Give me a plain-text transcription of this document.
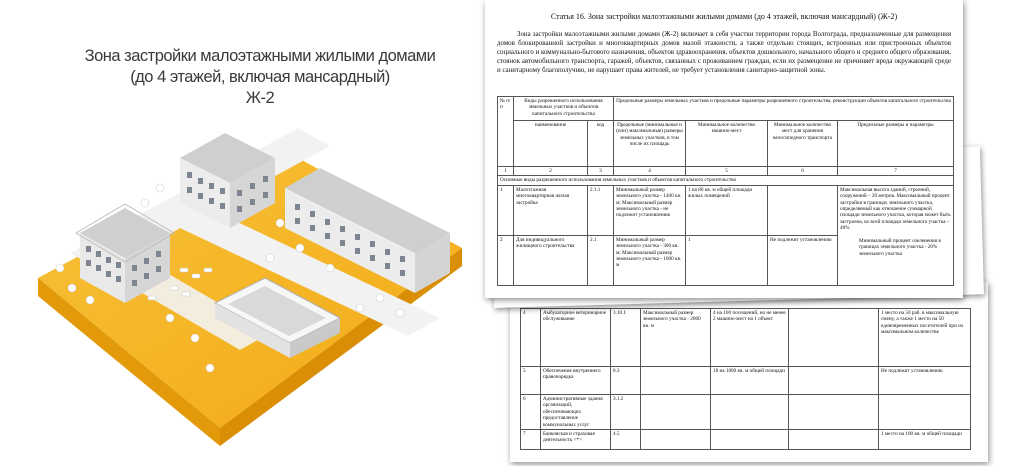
Зона застройки малоэтажными жилыми домами
(до 4 этажей, включая мансардный)
Ж-2
4	Амбулаторное ветеринарное обслуживание	3.10.1	Максимальный размер земельного участка - 2000 кв. м	4 на 100 посещений, но не менее 2 машино-мест на 1 объект		1 место на 50 раб. в максимальную смену, а также 1 место на 50 единовременных посетителей при их максимальном количестве
5	Обеспечение внутреннего правопорядка	8.3		18 на 1000 кв. м общей площади		Не подлежит установлению
6	Административные здания организаций, обеспечивающих предоставление коммунальных услуг	3.1.2				
7	Банковская и страховая деятельность <*>	4.5				1 место на 100 кв. м общей площади
Статья 16. Зона застройки малоэтажными жилыми домами (до 4 этажей, включая мансардный) (Ж-2)
Зона застройки малоэтажными жилыми домами (Ж-2) включает в себя участки территории города Волгограда, предназначенные для размещения домов блокированной застройки и многоквартирных домов малой этажности, а также отдельно стоящих, встроенных или пристроенных объектов социального и коммунально-бытового назначения, объектов здравоохранения, объектов дошкольного, начального общего и среднего общего образования, стоянок автомобильного транспорта, гаражей, объектов, связанных с проживанием граждан, если их размещение не причиняет вреда окружающей среде и санитарному благополучию, не нарушает права жителей, не требует установления санитарно-защитной зоны.
№ п/п	Виды разрешенного использования земельных участков и объектов капитального строительства		Предельные размеры земельных участков и предельные параметры разрешенного строительства, реконструкции объектов капитального строительства			
	наименование	код	Предельные (минимальные и (или) максимальные) размеры земельных участков, в том числе их площадь	Минимальное количество машино-мест	Минимальное количество мест для хранения велосипедного транспорта	Предельные размеры и параметры
1	2	3	4	5	6	7
Основные виды разрешенного использования земельных участков и объектов капитального строительства						
1	Малоэтажная многоквартирная жилая застройка	2.1.1	Минимальный размер земельного участка - 1400 кв. м; Максимальный размер земельного участка - не подлежит установлению	1 на 80 кв. м общей площади жилых помещений		Максимальная высота зданий, строений, сооружений – 20 метров. Максимальный процент застройки в границах земельного участка, определяемый как отношение суммарной площади земельного участка, которая может быть застроена, ко всей площади земельного участка – 40%
2	Для индивидуального жилищного строительства	2.1	Минимальный размер земельного участка - 300 кв. м; Максимальный размер земельного участка - 1000 кв. м	1	Не подлежит установлению		Минимальный процент озеленения в границах земельного участка - 20% земельного участка
